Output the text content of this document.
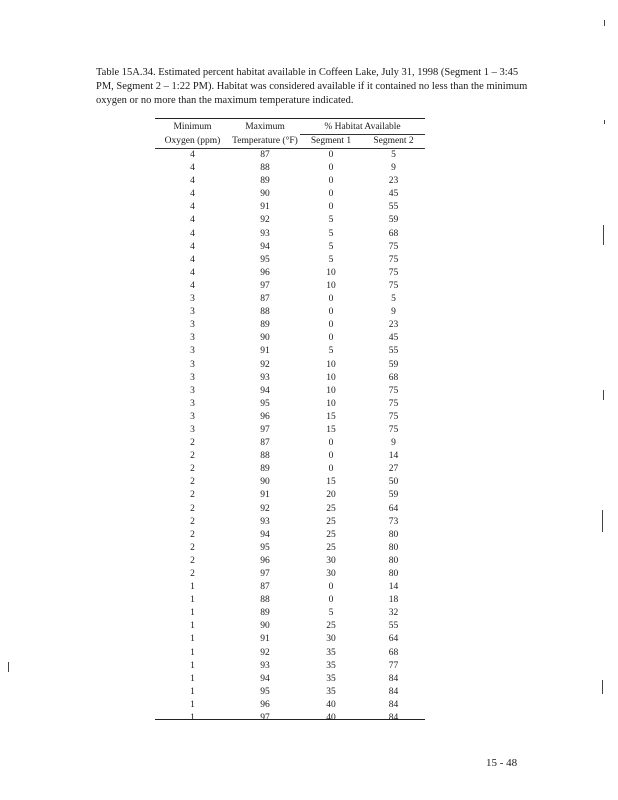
Table 15A.34. Estimated percent habitat available in Coffeen Lake, July 31, 1998 (Segment 1 – 3:45 PM, Segment 2 – 1:22 PM). Habitat was considered available if it contained no less than the minimum oxygen or no more than the maximum temperature indicated.

Minimum	Maximum	% Habitat Available	
Oxygen (ppm)	Temperature (°F)	Segment 1	Segment 2
4	87	0	5
4	88	0	9
4	89	0	23
4	90	0	45
4	91	0	55
4	92	5	59
4	93	5	68
4	94	5	75
4	95	5	75
4	96	10	75
4	97	10	75
3	87	0	5
3	88	0	9
3	89	0	23
3	90	0	45
3	91	5	55
3	92	10	59
3	93	10	68
3	94	10	75
3	95	10	75
3	96	15	75
3	97	15	75
2	87	0	9
2	88	0	14
2	89	0	27
2	90	15	50
2	91	20	59
2	92	25	64
2	93	25	73
2	94	25	80
2	95	25	80
2	96	30	80
2	97	30	80
1	87	0	14
1	88	0	18
1	89	5	32
1	90	25	55
1	91	30	64
1	92	35	68
1	93	35	77
1	94	35	84
1	95	35	84
1	96	40	84
1	97	40	84
15 - 48
